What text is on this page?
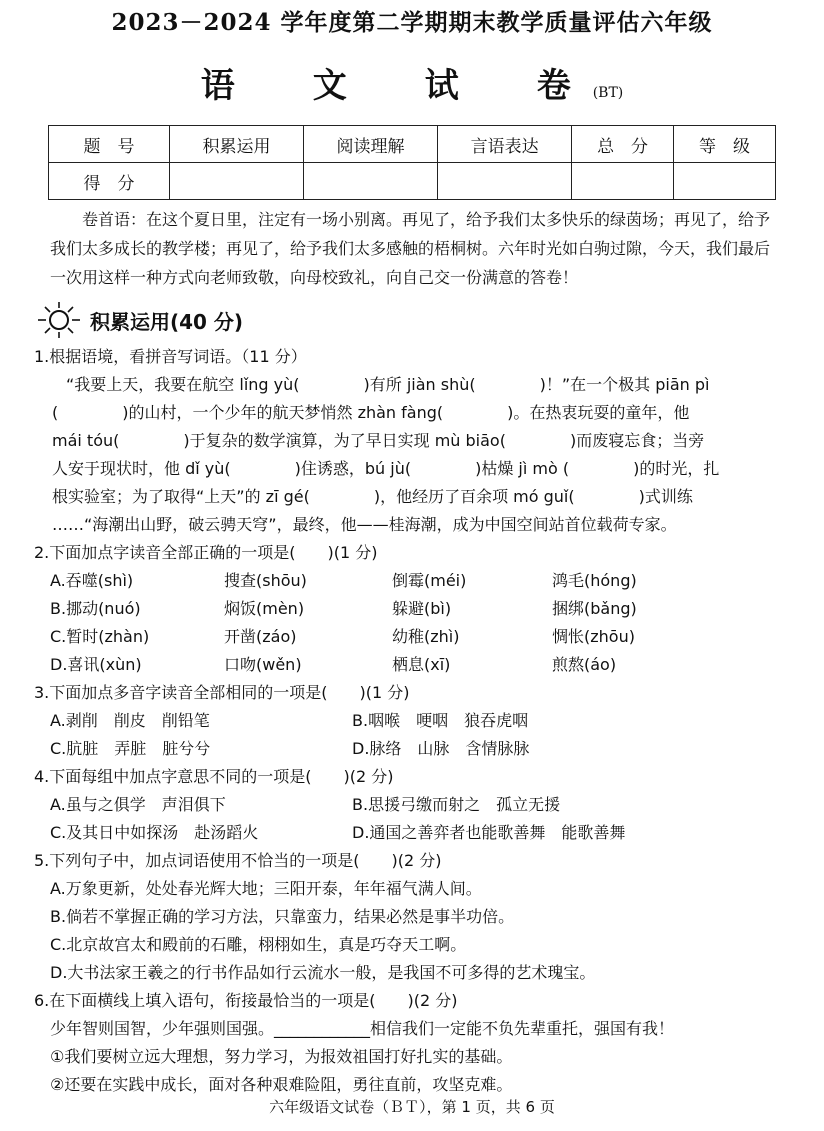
2023－2024 学年度第二学期期末教学质量评估六年级
语　文　试　卷(BT)
题　号	积累运用	阅读理解	言语表达	总　分	等　级
得　分					
卷首语：在这个夏日里，注定有一场小别离。再见了，给予我们太多快乐的绿茵场；再见了，给予我们太多成长的教学楼；再见了，给予我们太多感触的梧桐树。六年时光如白驹过隙，今天，我们最后一次用这样一种方式向老师致敬，向母校致礼，向自己交一份满意的答卷！
积累运用(40 分)
1.根据语境，看拼音写词语。（11 分）
“我要上天，我要在航空 lǐng yù(　　　　)有所 jiàn shù(　　　　)！”在一个极其 piān pì
(　　　　)的山村，一个少年的航天梦悄然 zhàn fàng(　　　　)。在热衷玩耍的童年，他
mái tóu(　　　　)于复杂的数学演算，为了早日实现 mù biāo(　　　　)而废寝忘食；当旁
人安于现状时，他 dǐ yù(　　　　)住诱惑，bú jù(　　　　)枯燥 jì mò (　　　　)的时光，扎
根实验室；为了取得“上天”的 zī gé(　　　　)，他经历了百余项 mó guǐ(　　　　)式训练
……“海潮出山野，破云骋天穹”，最终，他——桂海潮，成为中国空间站首位载荷专家。
2.下面加点字读音全部正确的一项是(　　)(1 分)
A.吞噬(shì)	搜查(shōu)	倒霉(méi)	鸿毛(hóng)
B.挪动(nuó)	焖饭(mèn)	躲避(bì)	捆绑(bǎng)
C.暂时(zhàn)	开凿(záo)	幼稚(zhì)	惆怅(zhōu)
D.喜讯(xùn)	口吻(wěn)	栖息(xī)	煎熬(áo)
3.下面加点多音字读音全部相同的一项是(　　)(1 分)
A.剥削　削皮　削铅笔	B.咽喉　哽咽　狼吞虎咽
C.肮脏　弄脏　脏兮兮	D.脉络　山脉　含情脉脉
4.下面每组中加点字意思不同的一项是(　　)(2 分)
A.虽与之俱学　声泪俱下	B.思援弓缴而射之　孤立无援
C.及其日中如探汤　赴汤蹈火	D.通国之善弈者也能歌善舞　能歌善舞
5.下列句子中，加点词语使用不恰当的一项是(　　)(2 分)
A.万象更新，处处春光辉大地；三阳开泰，年年福气满人间。
B.倘若不掌握正确的学习方法，只靠蛮力，结果必然是事半功倍。
C.北京故宫太和殿前的石雕，栩栩如生，真是巧夺天工啊。
D.大书法家王羲之的行书作品如行云流水一般，是我国不可多得的艺术瑰宝。
6.在下面横线上填入语句，衔接最恰当的一项是(　　)(2 分)
少年智则国智，少年强则国强。____________相信我们一定能不负先辈重托，强国有我！
①我们要树立远大理想，努力学习，为报效祖国打好扎实的基础。
②还要在实践中成长，面对各种艰难险阻，勇往直前，攻坚克难。
六年级语文试卷（ＢＴ），第 1 页，共 6 页
